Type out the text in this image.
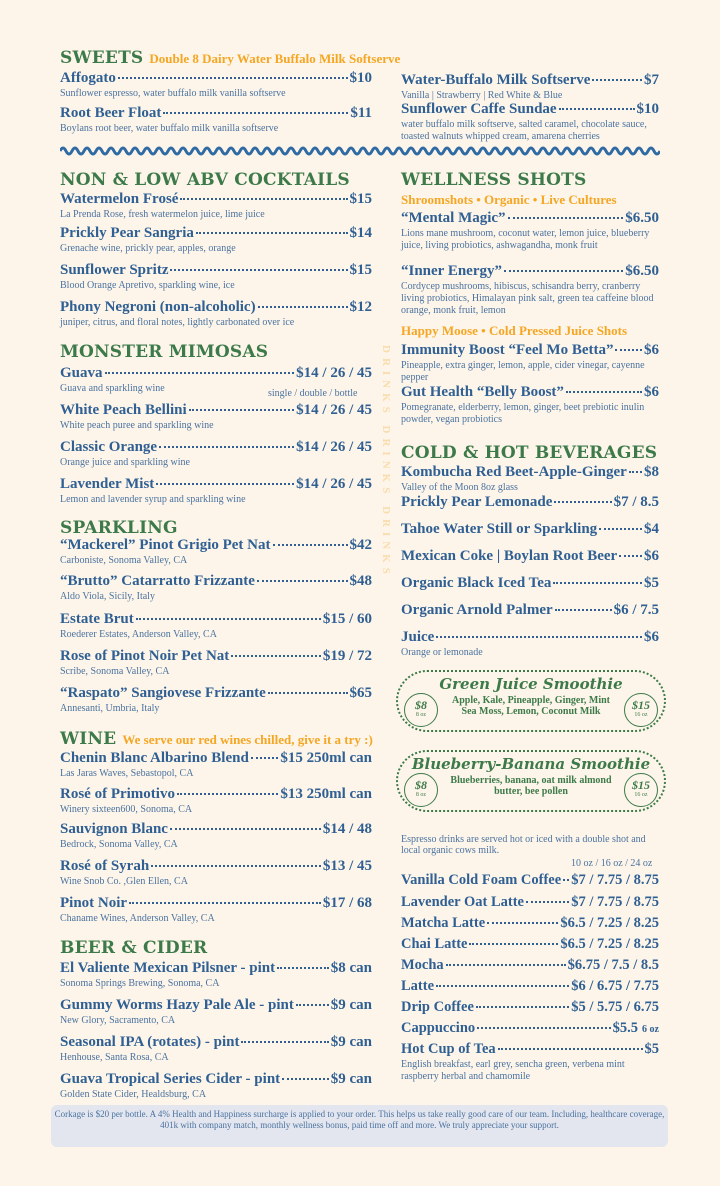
DRINKS DRINKS DRINKS
single / double / bottle
Shroomshots • Organic • Live Cultures
Happy Moose • Cold Pressed Juice Shots
Espresso drinks are served hot or iced with a double shot and local organic cows milk.
10 oz / 16 oz / 24 oz
$8
8 oz
Green Juice Smoothie
Apple, Kale, Pineapple, Ginger, Mint Sea Moss, Lemon, Coconut Milk	$15
16 oz
$8
8 oz
Blueberry-Banana Smoothie
Blueberries, banana, oat milk almond butter, bee pollen	$15
16 oz
Corkage is $20 per bottle. A 4% Health and Happiness surcharge is applied to your order. This helps us take really good care of our team. Including, healthcare coverage, 401k with company match, monthly wellness bonus, paid time off and more. We truly appreciate your support.
SWEETS Double 8 Dairy Water Buffalo Milk Softserve
Affogato	$10
Sunflower espresso, water buffalo milk vanilla softserve
Root Beer Float	$11
Boylans root beer, water buffalo milk vanilla softserve
Water-Buffalo Milk Softserve	$7
Vanilla | Strawberry | Red White & Blue
Sunflower Caffe Sundae	$10
water buffalo milk softserve, salted caramel, chocolate sauce, toasted walnuts whipped cream, amarena cherries
NON & LOW ABV COCKTAILS
Watermelon Frosé	$15
La Prenda Rose, fresh watermelon juice, lime juice
Prickly Pear Sangria	$14
Grenache wine, prickly pear, apples, orange
Sunflower Spritz	$15
Blood Orange Apretivo, sparkling wine, ice
Phony Negroni (non-alcoholic)	$12
juniper, citrus, and floral notes, lightly carbonated over ice
MONSTER MIMOSAS
Guava	$14 / 26 / 45
Guava and sparkling wine
White Peach Bellini	$14 / 26 / 45
White peach puree and sparkling wine
Classic Orange	$14 / 26 / 45
Orange juice and sparkling wine
Lavender Mist	$14 / 26 / 45
Lemon and lavender syrup and sparkling wine
SPARKLING
“Mackerel” Pinot Grigio Pet Nat	$42
Carboniste, Sonoma Valley, CA
“Brutto” Catarratto Frizzante	$48
Aldo Viola, Sicily, Italy
Estate Brut	$15 / 60
Roederer Estates, Anderson Valley, CA
Rose of Pinot Noir Pet Nat	$19 / 72
Scribe, Sonoma Valley, CA
“Raspato” Sangiovese Frizzante	$65
Annesanti, Umbria, Italy
WINE We serve our red wines chilled, give it a try :)
Chenin Blanc Albarino Blend $15 250ml can
Las Jaras Waves, Sebastopol, CA
Rosé of Primotivo	$13 250ml can
Winery sixteen600, Sonoma, CA
Sauvignon Blanc	$14 / 48
Bedrock, Sonoma Valley, CA
Rosé of Syrah	$13 / 45
Wine Snob Co. ,Glen Ellen, CA
Pinot Noir	$17 / 68
Chaname Wines, Anderson Valley, CA
BEER & CIDER
El Valiente Mexican Pilsner - pint	$8 can
Sonoma Springs Brewing, Sonoma, CA
Gummy Worms Hazy Pale Ale - pint $9 can
New Glory, Sacramento, CA
Seasonal IPA (rotates) - pint	$9 can
Henhouse, Santa Rosa, CA
Guava Tropical Series Cider - pint	$9 can
Golden State Cider, Healdsburg, CA
WELLNESS SHOTS
“Mental Magic”	$6.50
Lions mane mushroom, coconut water, lemon juice, blueberry juice, living probiotics, ashwagandha, monk fruit
“Inner Energy”	$6.50
Cordycep mushrooms, hibiscus, schisandra berry, cranberry living probiotics, Himalayan pink salt, green tea caffeine blood orange, monk fruit, lemon
Immunity Boost “Feel Mo Betta” $6
Pineapple, extra ginger, lemon, apple, cider vinegar, cayenne pepper
Gut Health “Belly Boost”	$6
Pomegranate, elderberry, lemon, ginger, beet prebiotic inulin powder, vegan probiotics
COLD & HOT BEVERAGES
Kombucha Red Beet-Apple-Ginger $8
Valley of the Moon 8oz glass
Prickly Pear Lemonade	$7 / 8.5
Tahoe Water Still or Sparkling	$4
Mexican Coke | Boylan Root Beer $6
Organic Black Iced Tea	$5
Organic Arnold Palmer	$6 / 7.5
Juice	$6
Orange or lemonade
Vanilla Cold Foam Coffee $7 / 7.75 / 8.75
Lavender Oat Latte	$7 / 7.75 / 8.75
Matcha Latte	$6.5 / 7.25 / 8.25
Chai Latte	$6.5 / 7.25 / 8.25
Mocha	$6.75 / 7.5 / 8.5
Latte	$6 / 6.75 / 7.75
Drip Coffee	$5 / 5.75 / 6.75
Cappuccino	$5.5 6 oz
Hot Cup of Tea	$5
English breakfast, earl grey, sencha green, verbena mint raspberry herbal and chamomile
